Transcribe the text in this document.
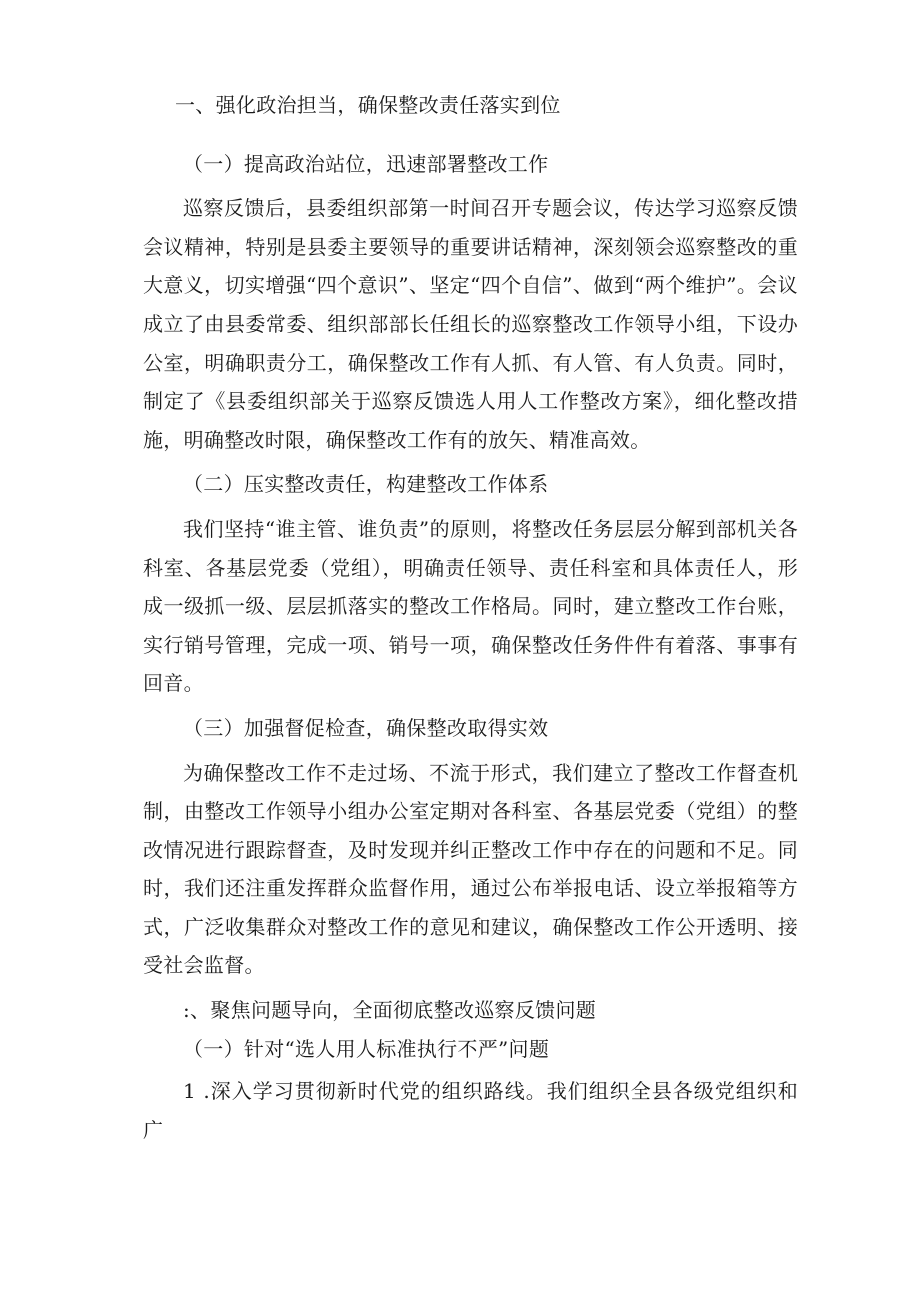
一、强化政治担当，确保整改责任落实到位

（一）提高政治站位，迅速部署整改工作

巡察反馈后，县委组织部第一时间召开专题会议，传达学习巡察反馈会议精神，特别是县委主要领导的重要讲话精神，深刻领会巡察整改的重大意义，切实增强“四个意识”、坚定“四个自信”、做到“两个维护”。会议成立了由县委常委、组织部部长任组长的巡察整改工作领导小组，下设办公室，明确职责分工，确保整改工作有人抓、有人管、有人负责。同时，制定了《县委组织部关于巡察反馈选人用人工作整改方案》，细化整改措施，明确整改时限，确保整改工作有的放矢、精准高效。

（二）压实整改责任，构建整改工作体系

我们坚持“谁主管、谁负责”的原则，将整改任务层层分解到部机关各科室、各基层党委（党组），明确责任领导、责任科室和具体责任人，形成一级抓一级、层层抓落实的整改工作格局。同时，建立整改工作台账，实行销号管理，完成一项、销号一项，确保整改任务件件有着落、事事有回音。

（三）加强督促检查，确保整改取得实效

为确保整改工作不走过场、不流于形式，我们建立了整改工作督查机制，由整改工作领导小组办公室定期对各科室、各基层党委（党组）的整改情况进行跟踪督查，及时发现并纠正整改工作中存在的问题和不足。同时，我们还注重发挥群众监督作用，通过公布举报电话、设立举报箱等方式，广泛收集群众对整改工作的意见和建议，确保整改工作公开透明、接受社会监督。

:、聚焦问题导向，全面彻底整改巡察反馈问题

（一）针对“选人用人标准执行不严”问题

1 .深入学习贯彻新时代党的组织路线。我们组织全县各级党组织和广
